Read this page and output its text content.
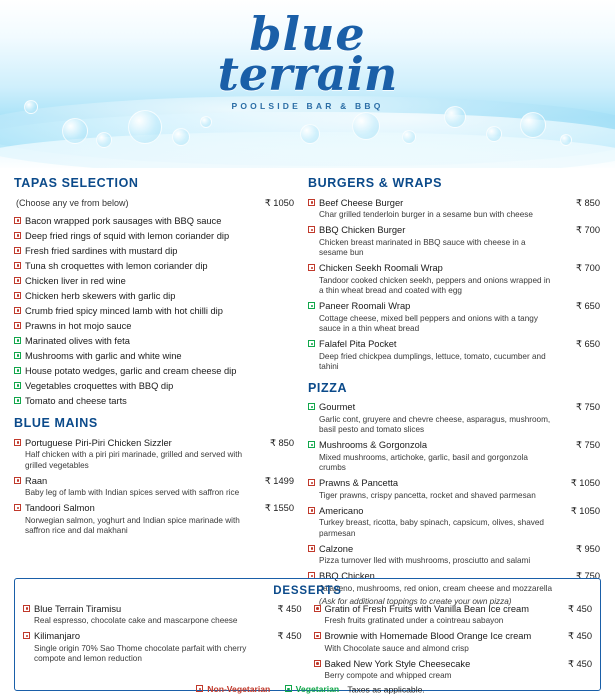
blue
terrain
POOLSIDE BAR & BBQ
TAPAS SELECTION
(Choose any ve from below)	₹ 1050
Bacon wrapped pork sausages with BBQ sauce
Deep fried rings of squid with lemon coriander dip
Fresh fried sardines with mustard dip
Tuna sh croquettes with lemon coriander dip
Chicken liver in red wine
Chicken herb skewers with garlic dip
Crumb fried spicy minced lamb with hot chilli dip
Prawns in hot mojo sauce
Marinated olives with feta
Mushrooms with garlic and white wine
House potato wedges, garlic and cream cheese dip
Vegetables croquettes with BBQ dip
Tomato and cheese tarts
BLUE MAINS
Portuguese Piri-Piri Chicken Sizzler	₹ 850
Half chicken with a piri piri marinade, grilled and served with grilled vegetables
Raan	₹ 1499
Baby leg of lamb with Indian spices served with saffron rice
Tandoori Salmon	₹ 1550
Norwegian salmon, yoghurt and Indian spice marinade with saffron rice and dal makhani
BURGERS & WRAPS
Beef Cheese Burger	₹ 850
Char grilled tenderloin burger in a sesame bun with cheese
BBQ Chicken Burger	₹ 700
Chicken breast marinated in BBQ sauce with cheese in a sesame bun
Chicken Seekh Roomali Wrap	₹ 700
Tandoor cooked chicken seekh, peppers and onions wrapped in a thin wheat bread and coated with egg
Paneer Roomali Wrap	₹ 650
Cottage cheese, mixed bell peppers and onions with a tangy sauce in a thin wheat bread
Falafel Pita Pocket	₹ 650
Deep fried chickpea dumplings, lettuce, tomato, cucumber and tahini
PIZZA
Gourmet	₹ 750
Garlic cont, gruyere and chevre cheese, asparagus, mushroom, basil pesto and tomato slices
Mushrooms & Gorgonzola	₹ 750
Mixed mushrooms, artichoke, garlic, basil and gorgonzola crumbs
Prawns & Pancetta	₹ 1050
Tiger prawns, crispy pancetta, rocket and shaved parmesan
Americano	₹ 1050
Turkey breast, ricotta, baby spinach, capsicum, olives, shaved parmesan
Calzone	₹ 950
Pizza turnover lled with mushrooms, prosciutto and salami
BBQ Chicken	₹ 750
Jalapeno, mushrooms, red onion, cream cheese and mozzarella
(Ask for additional toppings to create your own pizza)
DESSERTS
Blue Terrain Tiramisu	₹ 450
Real espresso, chocolate cake and mascarpone cheese
Kilimanjaro	₹ 450
Single origin 70% Sao Thome chocolate parfait with cherry compote and lemon reduction
Gratin of Fresh Fruits with Vanilla Bean Ice cream	₹ 450
Fresh fruits gratinated under a cointreau sabayon
Brownie with Homemade Blood Orange Ice cream	₹ 450
With Chocolate sauce and almond crisp
Baked New York Style Cheesecake	₹ 450
Berry compote and whipped cream
Non-Vegetarian
	Vegetarian Taxes as applicable.
